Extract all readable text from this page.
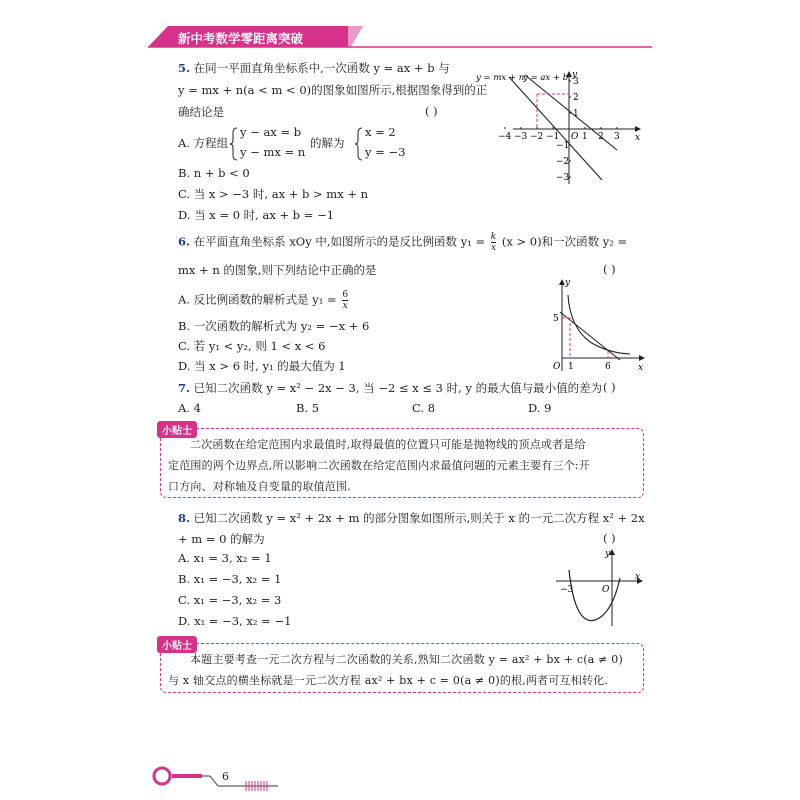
新中考数学零距离突破
5. 在同一平面直角坐标系中,一次函数 y = ax + b 与
y = mx + n(a < m < 0)的图象如图所示,根据图象得到的正
确结论是	( )
A. 方程组
y − ax = b
y − mx = n
的解为
x = 2
y = −3
B. n + b < 0
C. 当 x > −3 时, ax + b > mx + n
D. 当 x = 0 时, ax + b = −1
y = mx + n
y = ax + b y
x
O
−4 −3 −2 −1	1 2 3
3
2
1
−1
−2
−3
6. 在平面直角坐标系 xOy 中,如图所示的是反比例函数 $y_1 = \frac{k}{x} (x > 0)$和一次函数 y₂ =
mx + n 的图象,则下列结论中正确的是	( )
A. 反比例函数的解析式是 $y_1 = \frac{6}{x}$
B. 一次函数的解析式为 y₂ = −x + 6
C. 若 y₁ < y₂, 则 1 < x < 6
D. 当 x > 6 时, y₁ 的最大值为 1
y
x
O
5
1	6
7. 已知二次函数 y = x² − 2x − 3, 当 −2 ≤ x ≤ 3 时, y 的最大值与最小值的差为 ( )
A. 4	B. 5	C. 8	D. 9
小贴士
二次函数在给定范围内求最值时,取得最值的位置只可能是抛物线的顶点或者是给
定范围的两个边界点,所以影响二次函数在给定范围内求最值问题的元素主要有三个:开
口方向、对称轴及自变量的取值范围.
8. 已知二次函数 y = x² + 2x + m 的部分图象如图所示,则关于 x 的一元二次方程 x² + 2x
+ m = 0 的解为	( )
A. x₁ = 3, x₂ = 1
B. x₁ = −3, x₂ = 1
C. x₁ = −3, x₂ = 3
D. x₁ = −3, x₂ = −1
y
x
O
−3
小贴士
本题主要考查一元二次方程与二次函数的关系,熟知二次函数 y = ax² + bx + c(a ≠ 0)
与 x 轴交点的横坐标就是一元二次方程 ax² + bx + c = 0(a ≠ 0)的根,两者可互相转化.
6
